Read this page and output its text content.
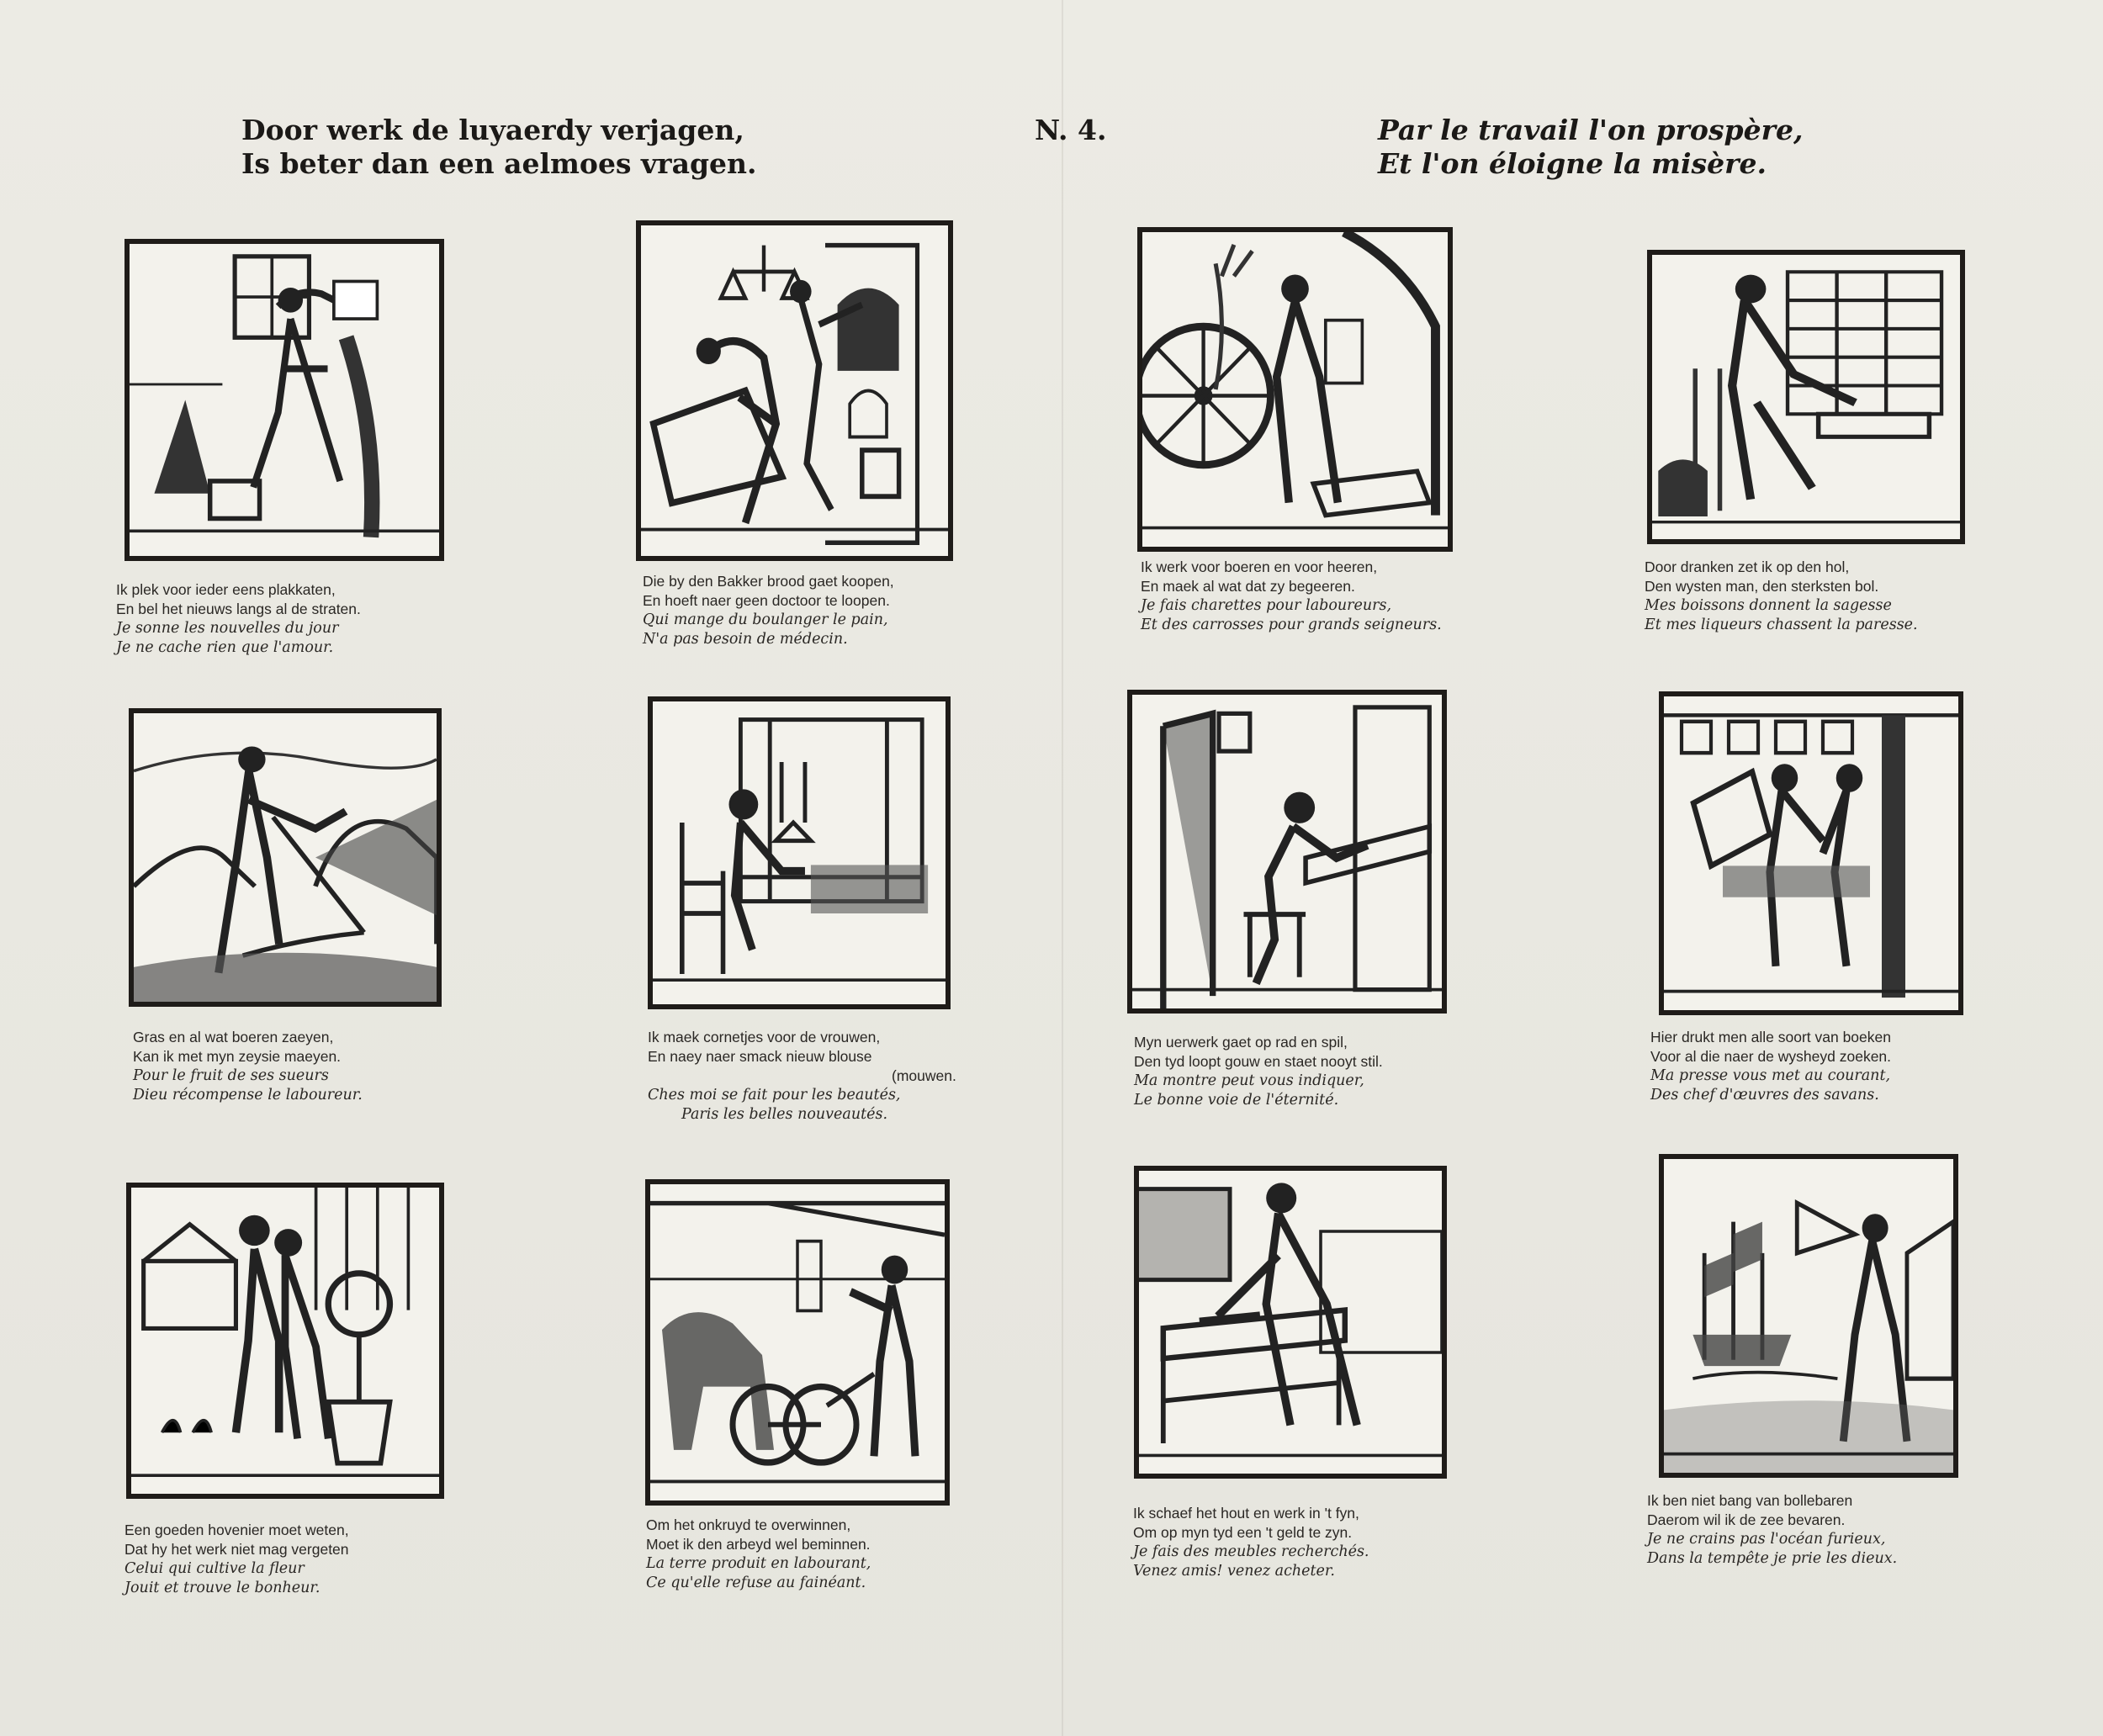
Door werk de luyaerdy verjagen,
Is beter dan een aelmoes vragen.
N. 4.	Par le travail l'on prospère,
Et l'on éloigne la misère.
Ik plek voor ieder eens plakkaten,
En bel het nieuws langs al de straten.
Je sonne les nouvelles du jour
Je ne cache rien que l'amour.
Die by den Bakker brood gaet koopen,
En hoeft naer geen doctoor te loopen.
Qui mange du boulanger le pain,
N'a pas besoin de médecin.
Ik werk voor boeren en voor heeren,
En maek al wat dat zy begeeren.
Je fais charettes pour laboureurs,
Et des carrosses pour grands seigneurs.
Door dranken zet ik op den hol,
Den wysten man, den sterksten bol.
Mes boissons donnent la sagesse
Et mes liqueurs chassent la paresse.
Gras en al wat boeren zaeyen,
Kan ik met myn zeysie maeyen.
Pour le fruit de ses sueurs
Dieu récompense le laboureur.
Ik maek cornetjes voor de vrouwen,
En naey naer smack nieuw blouse
(mouwen.
Ches moi se fait pour les beautés,
Paris les belles nouveautés.
Myn uerwerk gaet op rad en spil,
Den tyd loopt gouw en staet nooyt stil.
Ma montre peut vous indiquer,
Le bonne voie de l'éternité.
Hier drukt men alle soort van boeken
Voor al die naer de wysheyd zoeken.
Ma presse vous met au courant,
Des chef d'œuvres des savans.
Een goeden hovenier moet weten,
Dat hy het werk niet mag vergeten
Celui qui cultive la fleur
Jouit et trouve le bonheur.
Om het onkruyd te overwinnen,
Moet ik den arbeyd wel beminnen.
La terre produit en labourant,
Ce qu'elle refuse au fainéant.
Ik schaef het hout en werk in 't fyn,
Om op myn tyd een 't geld te zyn.
Je fais des meubles recherchés.
Venez amis! venez acheter.
Ik ben niet bang van bollebaren
Daerom wil ik de zee bevaren.
Je ne crains pas l'océan furieux,
Dans la tempête je prie les dieux.
